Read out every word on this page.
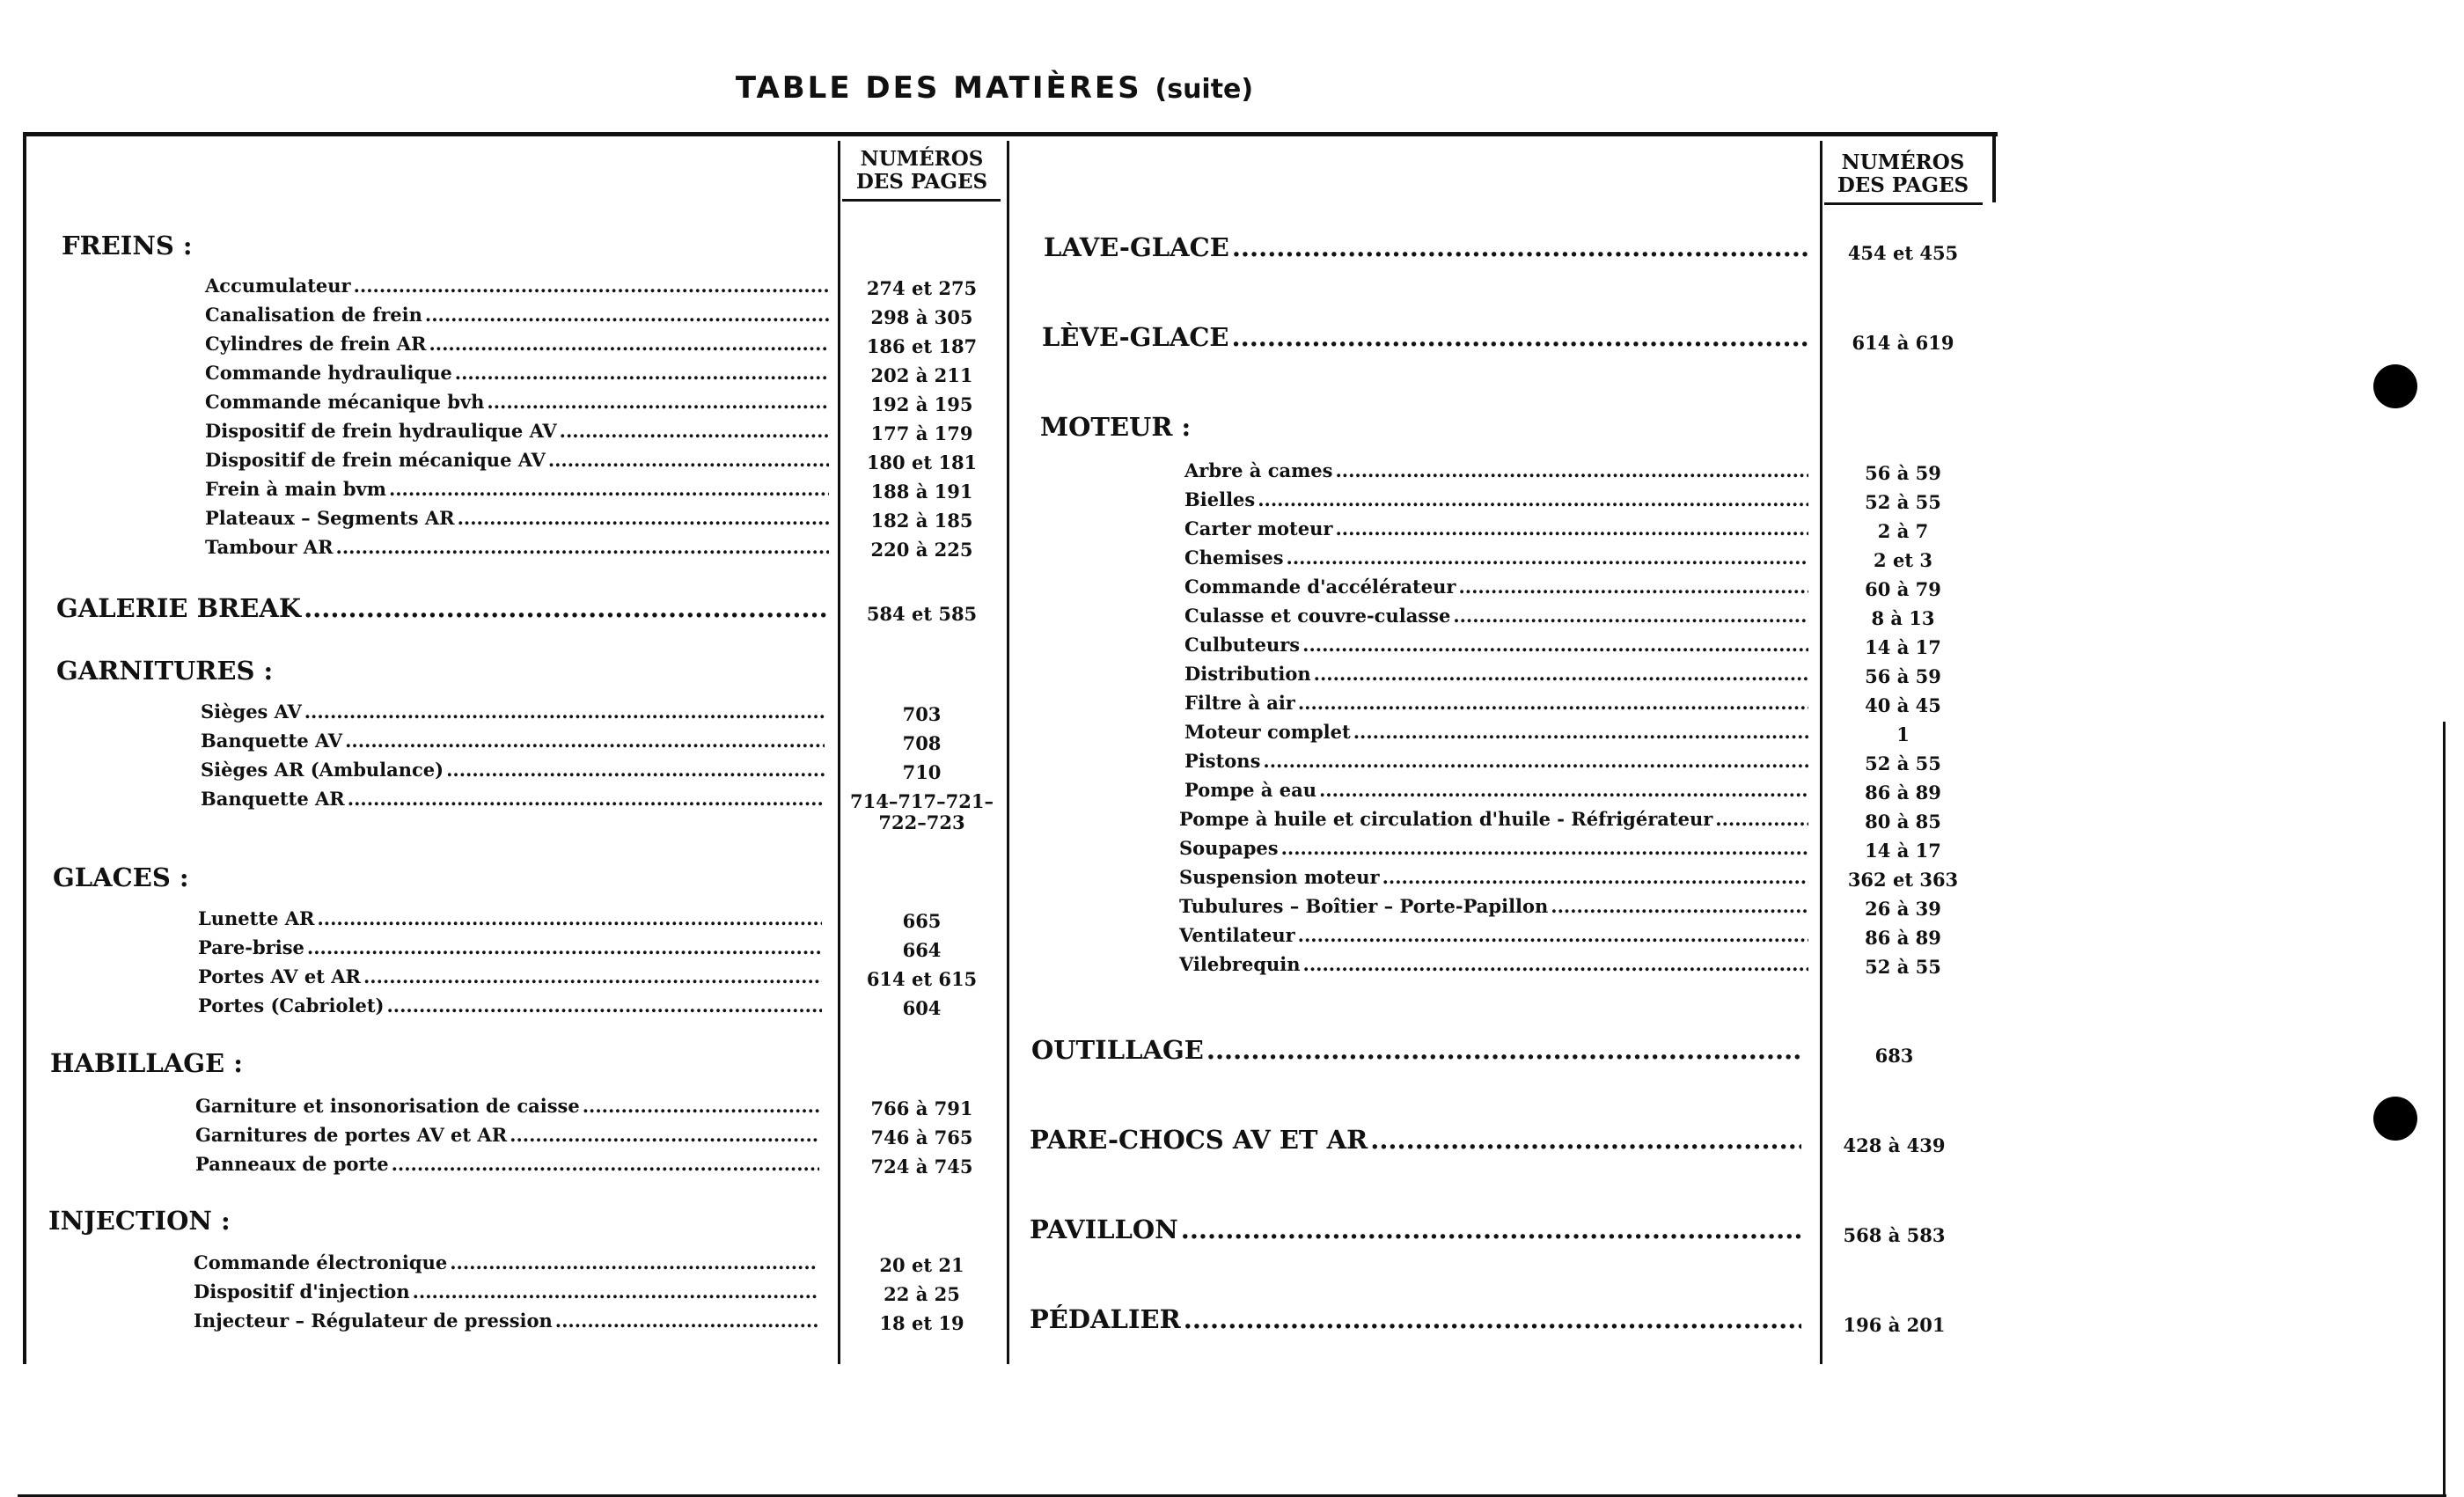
TABLE DES MATIÈRES (suite)
NUMÉROS
DES PAGES
NUMÉROS
DES PAGES
FREINS :
Accumulateur .....	274 et 275
Canalisation de frein .....	298 à 305
Cylindres de frein AR .....	186 et 187
Commande hydraulique .....	202 à 211
Commande mécanique bvh .....	192 à 195
Dispositif de frein hydraulique AV .....	177 à 179
Dispositif de frein mécanique AV .....	180 et 181
Frein à main bvm .....	188 à 191
Plateaux – Segments AR .....	182 à 185
Tambour AR .....	220 à 225
GALERIE BREAK .....	584 et 585
GARNITURES :
Sièges AV .....	703
Banquette AV .....	708
Sièges AR (Ambulance) .....	710
Banquette AR .....	714–717–721–
722–723
GLACES :
Lunette AR .....	665
Pare-brise .....	664
Portes AV et AR .....	614 et 615
Portes (Cabriolet) .....	604
HABILLAGE :
Garniture et insonorisation de caisse .....	766 à 791
Garnitures de portes AV et AR .....	746 à 765
Panneaux de porte .....	724 à 745
INJECTION :
Commande électronique .....	20 et 21
Dispositif d'injection .....	22 à 25
Injecteur – Régulateur de pression .....	18 et 19
LAVE-GLACE .....	454 et 455
LÈVE-GLACE .....	614 à 619
MOTEUR :
Arbre à cames .....	56 à 59
Bielles .....	52 à 55
Carter moteur .....	2 à 7
Chemises .....	2 et 3
Commande d'accélérateur .....	60 à 79
Culasse et couvre-culasse .....	8 à 13
Culbuteurs .....	14 à 17
Distribution .....	56 à 59
Filtre à air .....	40 à 45
Moteur complet .....	1
Pistons .....	52 à 55
Pompe à eau .....	86 à 89
Pompe à huile et circulation d'huile - Réfrigérateur .....	80 à 85
Soupapes .....	14 à 17
Suspension moteur .....	362 et 363
Tubulures – Boîtier – Porte-Papillon .....	26 à 39
Ventilateur .....	86 à 89
Vilebrequin .....	52 à 55
OUTILLAGE .....	683
PARE-CHOCS AV ET AR .....	428 à 439
PAVILLON .....	568 à 583
PÉDALIER .....	196 à 201
